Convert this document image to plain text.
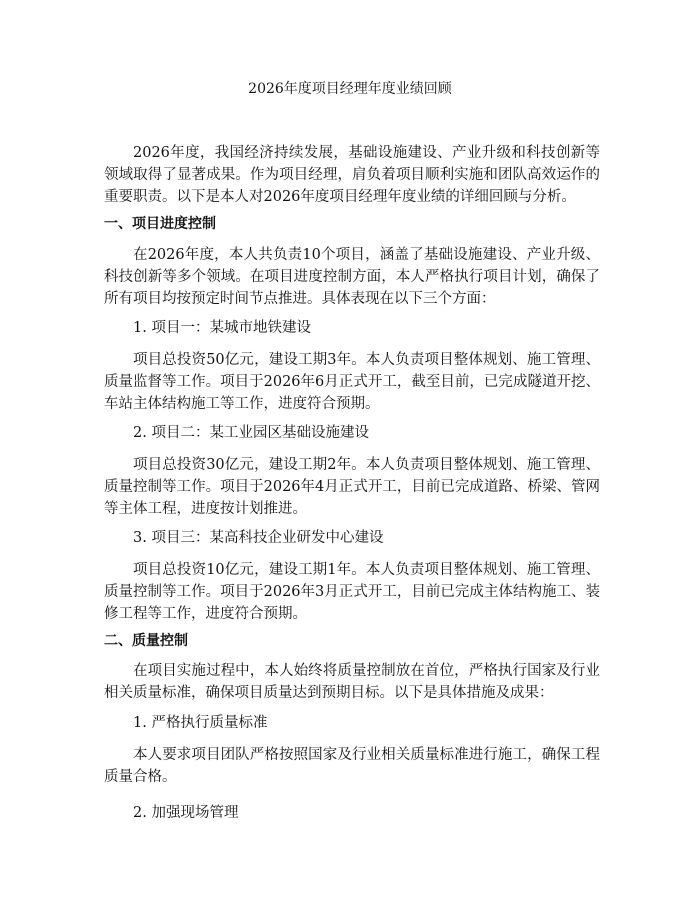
2026年度项目经理年度业绩回顾

2026年度，我国经济持续发展，基础设施建设、产业升级和科技创新等领域取得了显著成果。作为项目经理，肩负着项目顺利实施和团队高效运作的重要职责。以下是本人对2026年度项目经理年度业绩的详细回顾与分析。

一、项目进度控制

在2026年度，本人共负责10个项目，涵盖了基础设施建设、产业升级、科技创新等多个领域。在项目进度控制方面，本人严格执行项目计划，确保了所有项目均按预定时间节点推进。具体表现在以下三个方面：

1. 项目一：某城市地铁建设

项目总投资50亿元，建设工期3年。本人负责项目整体规划、施工管理、质量监督等工作。项目于2026年6月正式开工，截至目前，已完成隧道开挖、车站主体结构施工等工作，进度符合预期。

2. 项目二：某工业园区基础设施建设

项目总投资30亿元，建设工期2年。本人负责项目整体规划、施工管理、质量控制等工作。项目于2026年4月正式开工，目前已完成道路、桥梁、管网等主体工程，进度按计划推进。

3. 项目三：某高科技企业研发中心建设

项目总投资10亿元，建设工期1年。本人负责项目整体规划、施工管理、质量控制等工作。项目于2026年3月正式开工，目前已完成主体结构施工、装修工程等工作，进度符合预期。

二、质量控制

在项目实施过程中，本人始终将质量控制放在首位，严格执行国家及行业相关质量标准，确保项目质量达到预期目标。以下是具体措施及成果：

1. 严格执行质量标准

本人要求项目团队严格按照国家及行业相关质量标准进行施工，确保工程质量合格。

2. 加强现场管理
